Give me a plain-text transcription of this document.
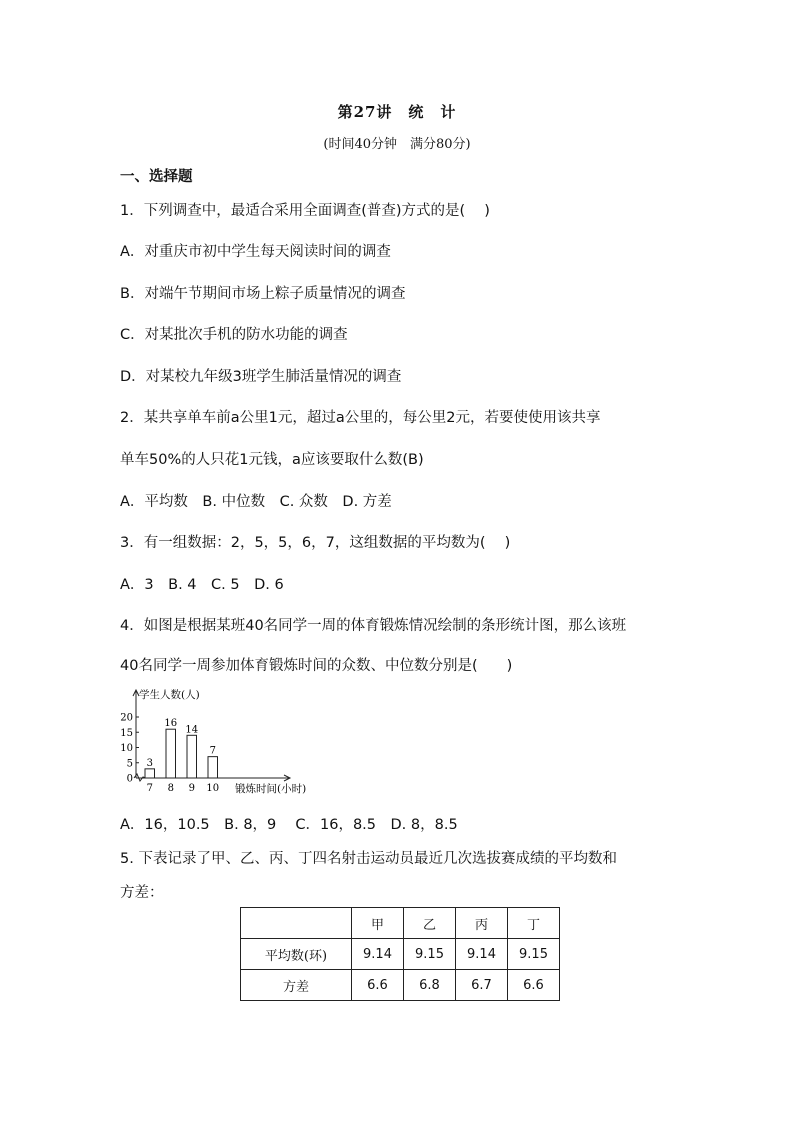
第27讲　统　计
(时间40分钟　满分80分)
一、选择题
1．下列调查中，最适合采用全面调查(普查)方式的是(　 )
A．对重庆市初中学生每天阅读时间的调查
B．对端午节期间市场上粽子质量情况的调查
C．对某批次手机的防水功能的调查
D．对某校九年级3班学生肺活量情况的调查
2．某共享单车前a公里1元，超过a公里的，每公里2元，若要使使用该共享
单车50%的人只花1元钱，a应该要取什么数(B)
A．平均数　B. 中位数　C. 众数　D. 方差
3．有一组数据：2，5，5，6，7，这组数据的平均数为(　 )
A．3　B. 4　C. 5　D. 6
4．如图是根据某班40名同学一周的体育锻炼情况绘制的条形统计图，那么该班
40名同学一周参加体育锻炼时间的众数、中位数分别是(　　)
学生人数(人)
0
5
10
15
20
3
7
16
8
14
9
7
10 锻炼时间(小时)
A．16，10.5　B. 8，9　 C．16，8.5　D. 8，8.5
5. 下表记录了甲、乙、丙、丁四名射击运动员最近几次选拔赛成绩的平均数和
方差：
	甲	乙	丙	丁
平均数(环)	9.14	9.15	9.14	9.15
方差	6.6	6.8	6.7	6.6
